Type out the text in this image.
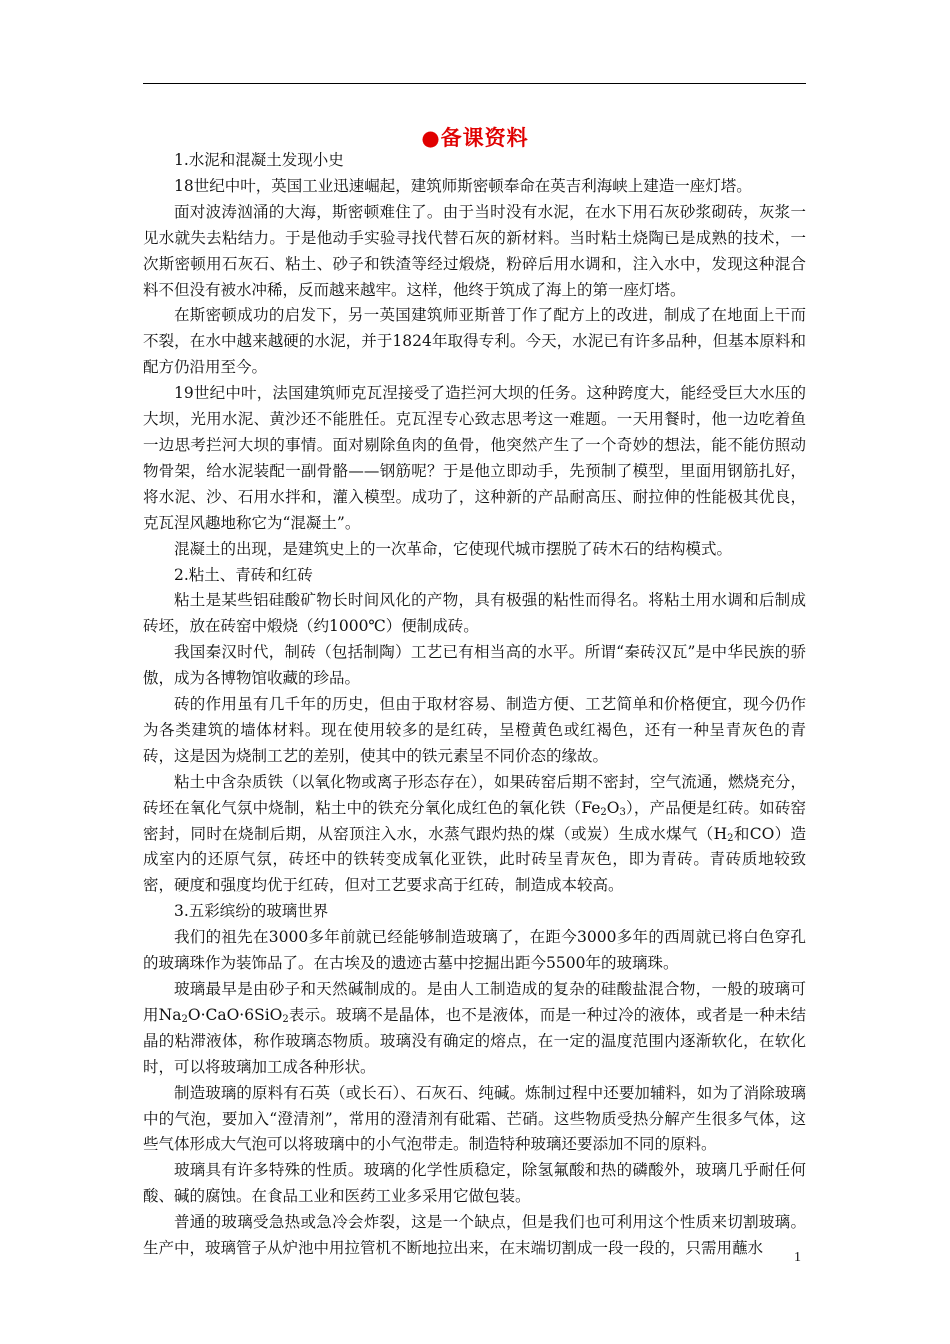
●备课资料

1.水泥和混凝土发现小史

18世纪中叶，英国工业迅速崛起，建筑师斯密顿奉命在英吉利海峡上建造一座灯塔。

面对波涛汹涌的大海，斯密顿难住了。由于当时没有水泥，在水下用石灰砂浆砌砖，灰浆一见水就失去粘结力。于是他动手实验寻找代替石灰的新材料。当时粘土烧陶已是成熟的技术，一次斯密顿用石灰石、粘土、砂子和铁渣等经过煅烧，粉碎后用水调和，注入水中，发现这种混合料不但没有被水冲稀，反而越来越牢。这样，他终于筑成了海上的第一座灯塔。

在斯密顿成功的启发下，另一英国建筑师亚斯普丁作了配方上的改进，制成了在地面上干而不裂，在水中越来越硬的水泥，并于1824年取得专利。今天，水泥已有许多品种，但基本原料和配方仍沿用至今。

19世纪中叶，法国建筑师克瓦涅接受了造拦河大坝的任务。这种跨度大，能经受巨大水压的大坝，光用水泥、黄沙还不能胜任。克瓦涅专心致志思考这一难题。一天用餐时，他一边吃着鱼一边思考拦河大坝的事情。面对剔除鱼肉的鱼骨，他突然产生了一个奇妙的想法，能不能仿照动物骨架，给水泥装配一副骨骼——钢筋呢？于是他立即动手，先预制了模型，里面用钢筋扎好，将水泥、沙、石用水拌和，灌入模型。成功了，这种新的产品耐高压、耐拉伸的性能极其优良，克瓦涅风趣地称它为“混凝土”。

混凝土的出现，是建筑史上的一次革命，它使现代城市摆脱了砖木石的结构模式。

2.粘土、青砖和红砖

粘土是某些铝硅酸矿物长时间风化的产物，具有极强的粘性而得名。将粘土用水调和后制成砖坯，放在砖窑中煅烧（约1000℃）便制成砖。

我国秦汉时代，制砖（包括制陶）工艺已有相当高的水平。所谓“秦砖汉瓦”是中华民族的骄傲，成为各博物馆收藏的珍品。

砖的作用虽有几千年的历史，但由于取材容易、制造方便、工艺简单和价格便宜，现今仍作为各类建筑的墙体材料。现在使用较多的是红砖，呈橙黄色或红褐色，还有一种呈青灰色的青砖，这是因为烧制工艺的差别，使其中的铁元素呈不同价态的缘故。

粘土中含杂质铁（以氧化物或离子形态存在），如果砖窑后期不密封，空气流通，燃烧充分，砖坯在氧化气氛中烧制，粘土中的铁充分氧化成红色的氧化铁$(Fe_2O_3)$，产品便是红砖。如砖窑密封，同时在烧制后期，从窑顶注入水，水蒸气跟灼热的煤（或炭）生成水煤气（$H_2$和CO）造成室内的还原气氛，砖坯中的铁转变成氧化亚铁，此时砖呈青灰色，即为青砖。青砖质地较致密，硬度和强度均优于红砖，但对工艺要求高于红砖，制造成本较高。

3.五彩缤纷的玻璃世界

我们的祖先在3000多年前就已经能够制造玻璃了，在距今3000多年的西周就已将白色穿孔的玻璃珠作为装饰品了。在古埃及的遗迹古墓中挖掘出距今5500年的玻璃珠。

玻璃最早是由砂子和天然碱制成的。是由人工制造成的复杂的硅酸盐混合物，一般的玻璃可用$Na_2O\cdot CaO\cdot 6SiO_2$表示。玻璃不是晶体，也不是液体，而是一种过冷的液体，或者是一种未结晶的粘滞液体，称作玻璃态物质。玻璃没有确定的熔点，在一定的温度范围内逐渐软化，在软化时，可以将玻璃加工成各种形状。

制造玻璃的原料有石英（或长石）、石灰石、纯碱。炼制过程中还要加辅料，如为了消除玻璃中的气泡，要加入“澄清剂”，常用的澄清剂有砒霜、芒硝。这些物质受热分解产生很多气体，这些气体形成大气泡可以将玻璃中的小气泡带走。制造特种玻璃还要添加不同的原料。

玻璃具有许多特殊的性质。玻璃的化学性质稳定，除氢氟酸和热的磷酸外，玻璃几乎耐任何酸、碱的腐蚀。在食品工业和医药工业多采用它做包装。

普通的玻璃受急热或急冷会炸裂，这是一个缺点，但是我们也可利用这个性质来切割玻璃。生产中，玻璃管子从炉池中用拉管机不断地拉出来，在末端切割成一段一段的，只需用蘸水

1
